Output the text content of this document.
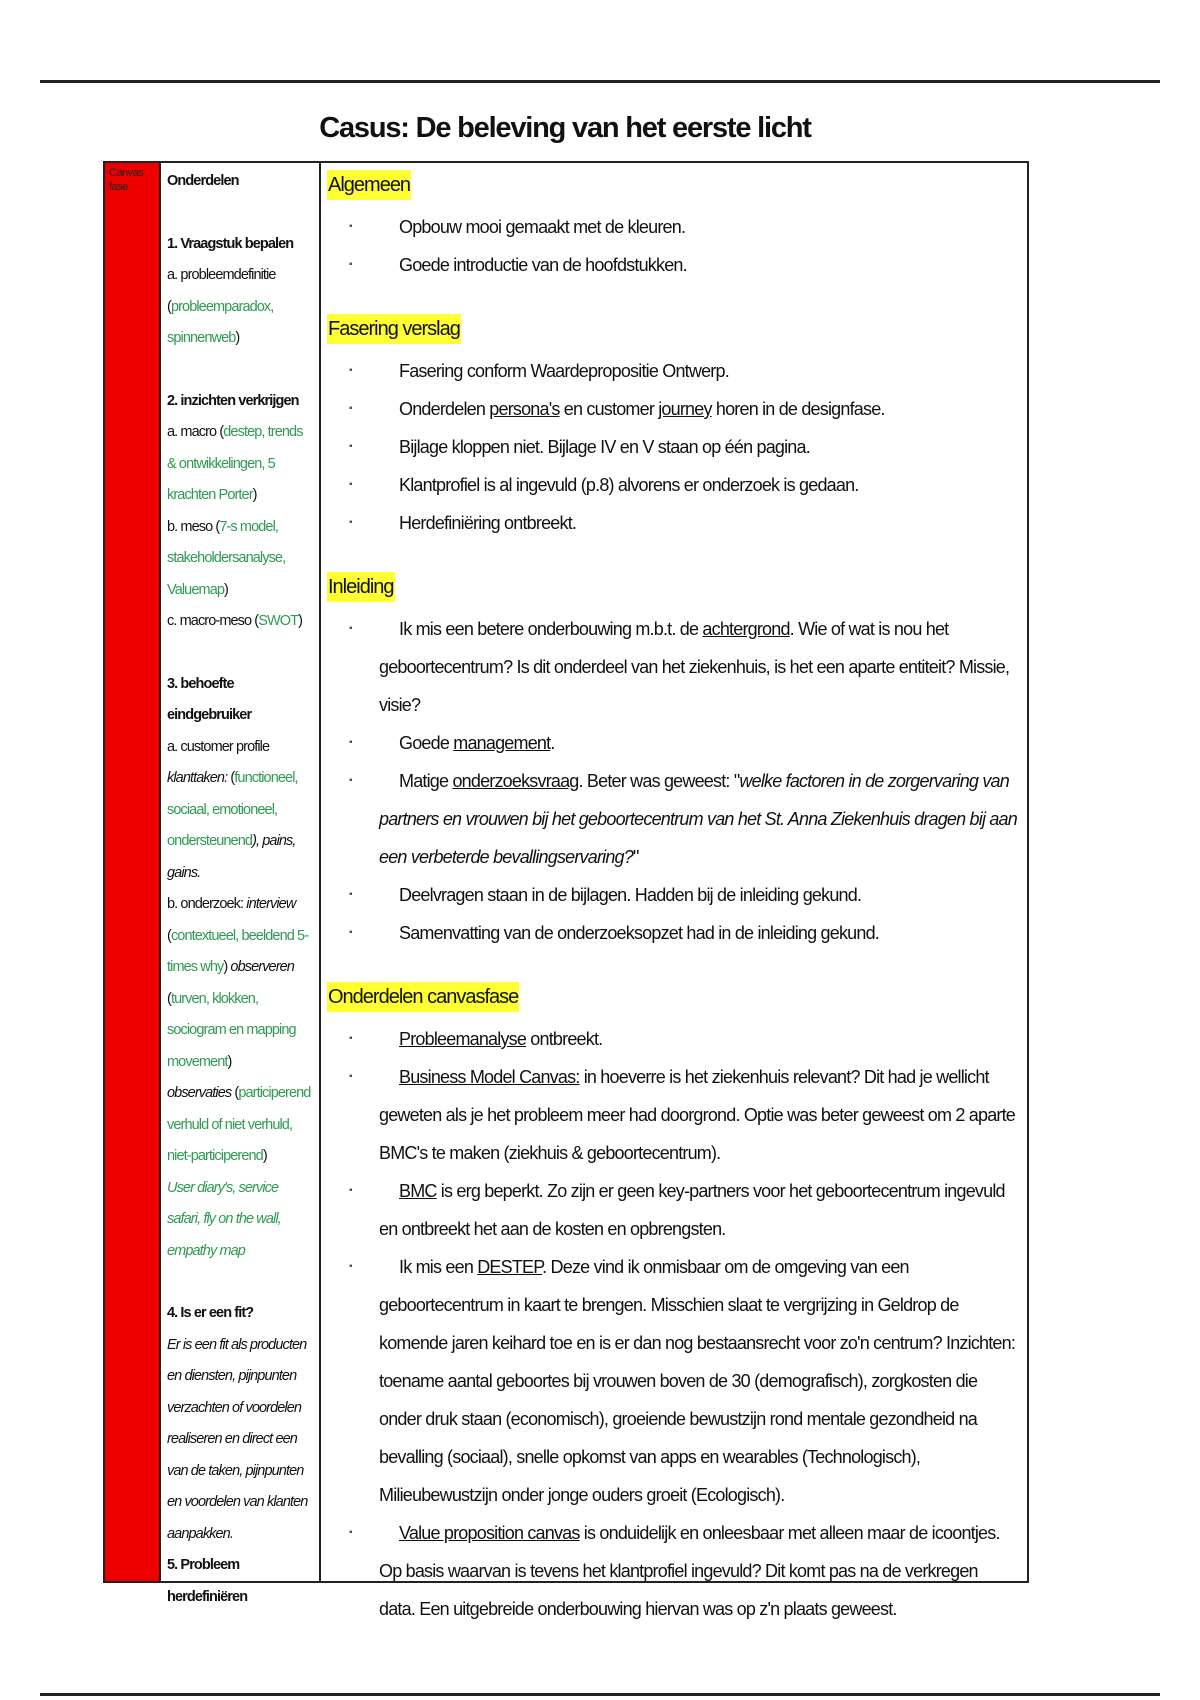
Casus: De beleving van het eerste licht
Canvas fase	Onderdelen
1. Vraagstuk bepalen
a. probleemdefinitie
(probleemparadox, spinnenweb)
2. inzichten verkrijgen
a. macro (destep, trends & ontwikkelingen, 5 krachten Porter)
b. meso (7-s model, stakeholdersanalyse, Valuemap)
c. macro-meso (SWOT)
3. behoefte eindgebruiker
a. customer profile
klanttaken: (functioneel, sociaal, emotioneel, ondersteunend), pains, gains.
b. onderzoek: interview (contextueel, beeldend 5-times why) observeren (turven, klokken, sociogram en mapping movement)
observaties (participerend verhuld of niet verhuld, niet-participerend)
User diary's, service safari, fly on the wall, empathy map
4. Is er een fit?
Er is een fit als producten en diensten, pijnpunten verzachten of voordelen realiseren en direct een van de taken, pijnpunten en voordelen van klanten aanpakken.
5. Probleem herdefiniëren
Algemeen
▪ Opbouw mooi gemaakt met de kleuren.
▪ Goede introductie van de hoofdstukken.
Fasering verslag
▪ Fasering conform Waardepropositie Ontwerp.
▪ Onderdelen persona's en customer journey horen in de designfase.
▪ Bijlage kloppen niet. Bijlage IV en V staan op één pagina.
▪ Klantprofiel is al ingevuld (p.8) alvorens er onderzoek is gedaan.
▪ Herdefiniëring ontbreekt.
Inleiding
▪ Ik mis een betere onderbouwing m.b.t. de achtergrond. Wie of wat is nou het geboortecentrum? Is dit onderdeel van het ziekenhuis, is het een aparte entiteit? Missie, visie?
▪ Goede management.
▪ Matige onderzoeksvraag. Beter was geweest: "welke factoren in de zorgervaring van partners en vrouwen bij het geboortecentrum van het St. Anna Ziekenhuis dragen bij aan een verbeterde bevallingservaring?"
▪ Deelvragen staan in de bijlagen. Hadden bij de inleiding gekund.
▪ Samenvatting van de onderzoeksopzet had in de inleiding gekund.
Onderdelen canvasfase
▪ Probleemanalyse ontbreekt.
▪ Business Model Canvas: in hoeverre is het ziekenhuis relevant? Dit had je wellicht geweten als je het probleem meer had doorgrond. Optie was beter geweest om 2 aparte BMC's te maken (ziekhuis & geboortecentrum).
▪ BMC is erg beperkt. Zo zijn er geen key-partners voor het geboortecentrum ingevuld en ontbreekt het aan de kosten en opbrengsten.
▪ Ik mis een DESTEP. Deze vind ik onmisbaar om de omgeving van een geboortecentrum in kaart te brengen. Misschien slaat te vergrijzing in Geldrop de komende jaren keihard toe en is er dan nog bestaansrecht voor zo'n centrum? Inzichten: toename aantal geboortes bij vrouwen boven de 30 (demografisch), zorgkosten die onder druk staan (economisch), groeiende bewustzijn rond mentale gezondheid na bevalling (sociaal), snelle opkomst van apps en wearables (Technologisch), Milieubewustzijn onder jonge ouders groeit (Ecologisch).
▪ Value proposition canvas is onduidelijk en onleesbaar met alleen maar de icoontjes. Op basis waarvan is tevens het klantprofiel ingevuld? Dit komt pas na de verkregen data. Een uitgebreide onderbouwing hiervan was op z'n plaats geweest.
